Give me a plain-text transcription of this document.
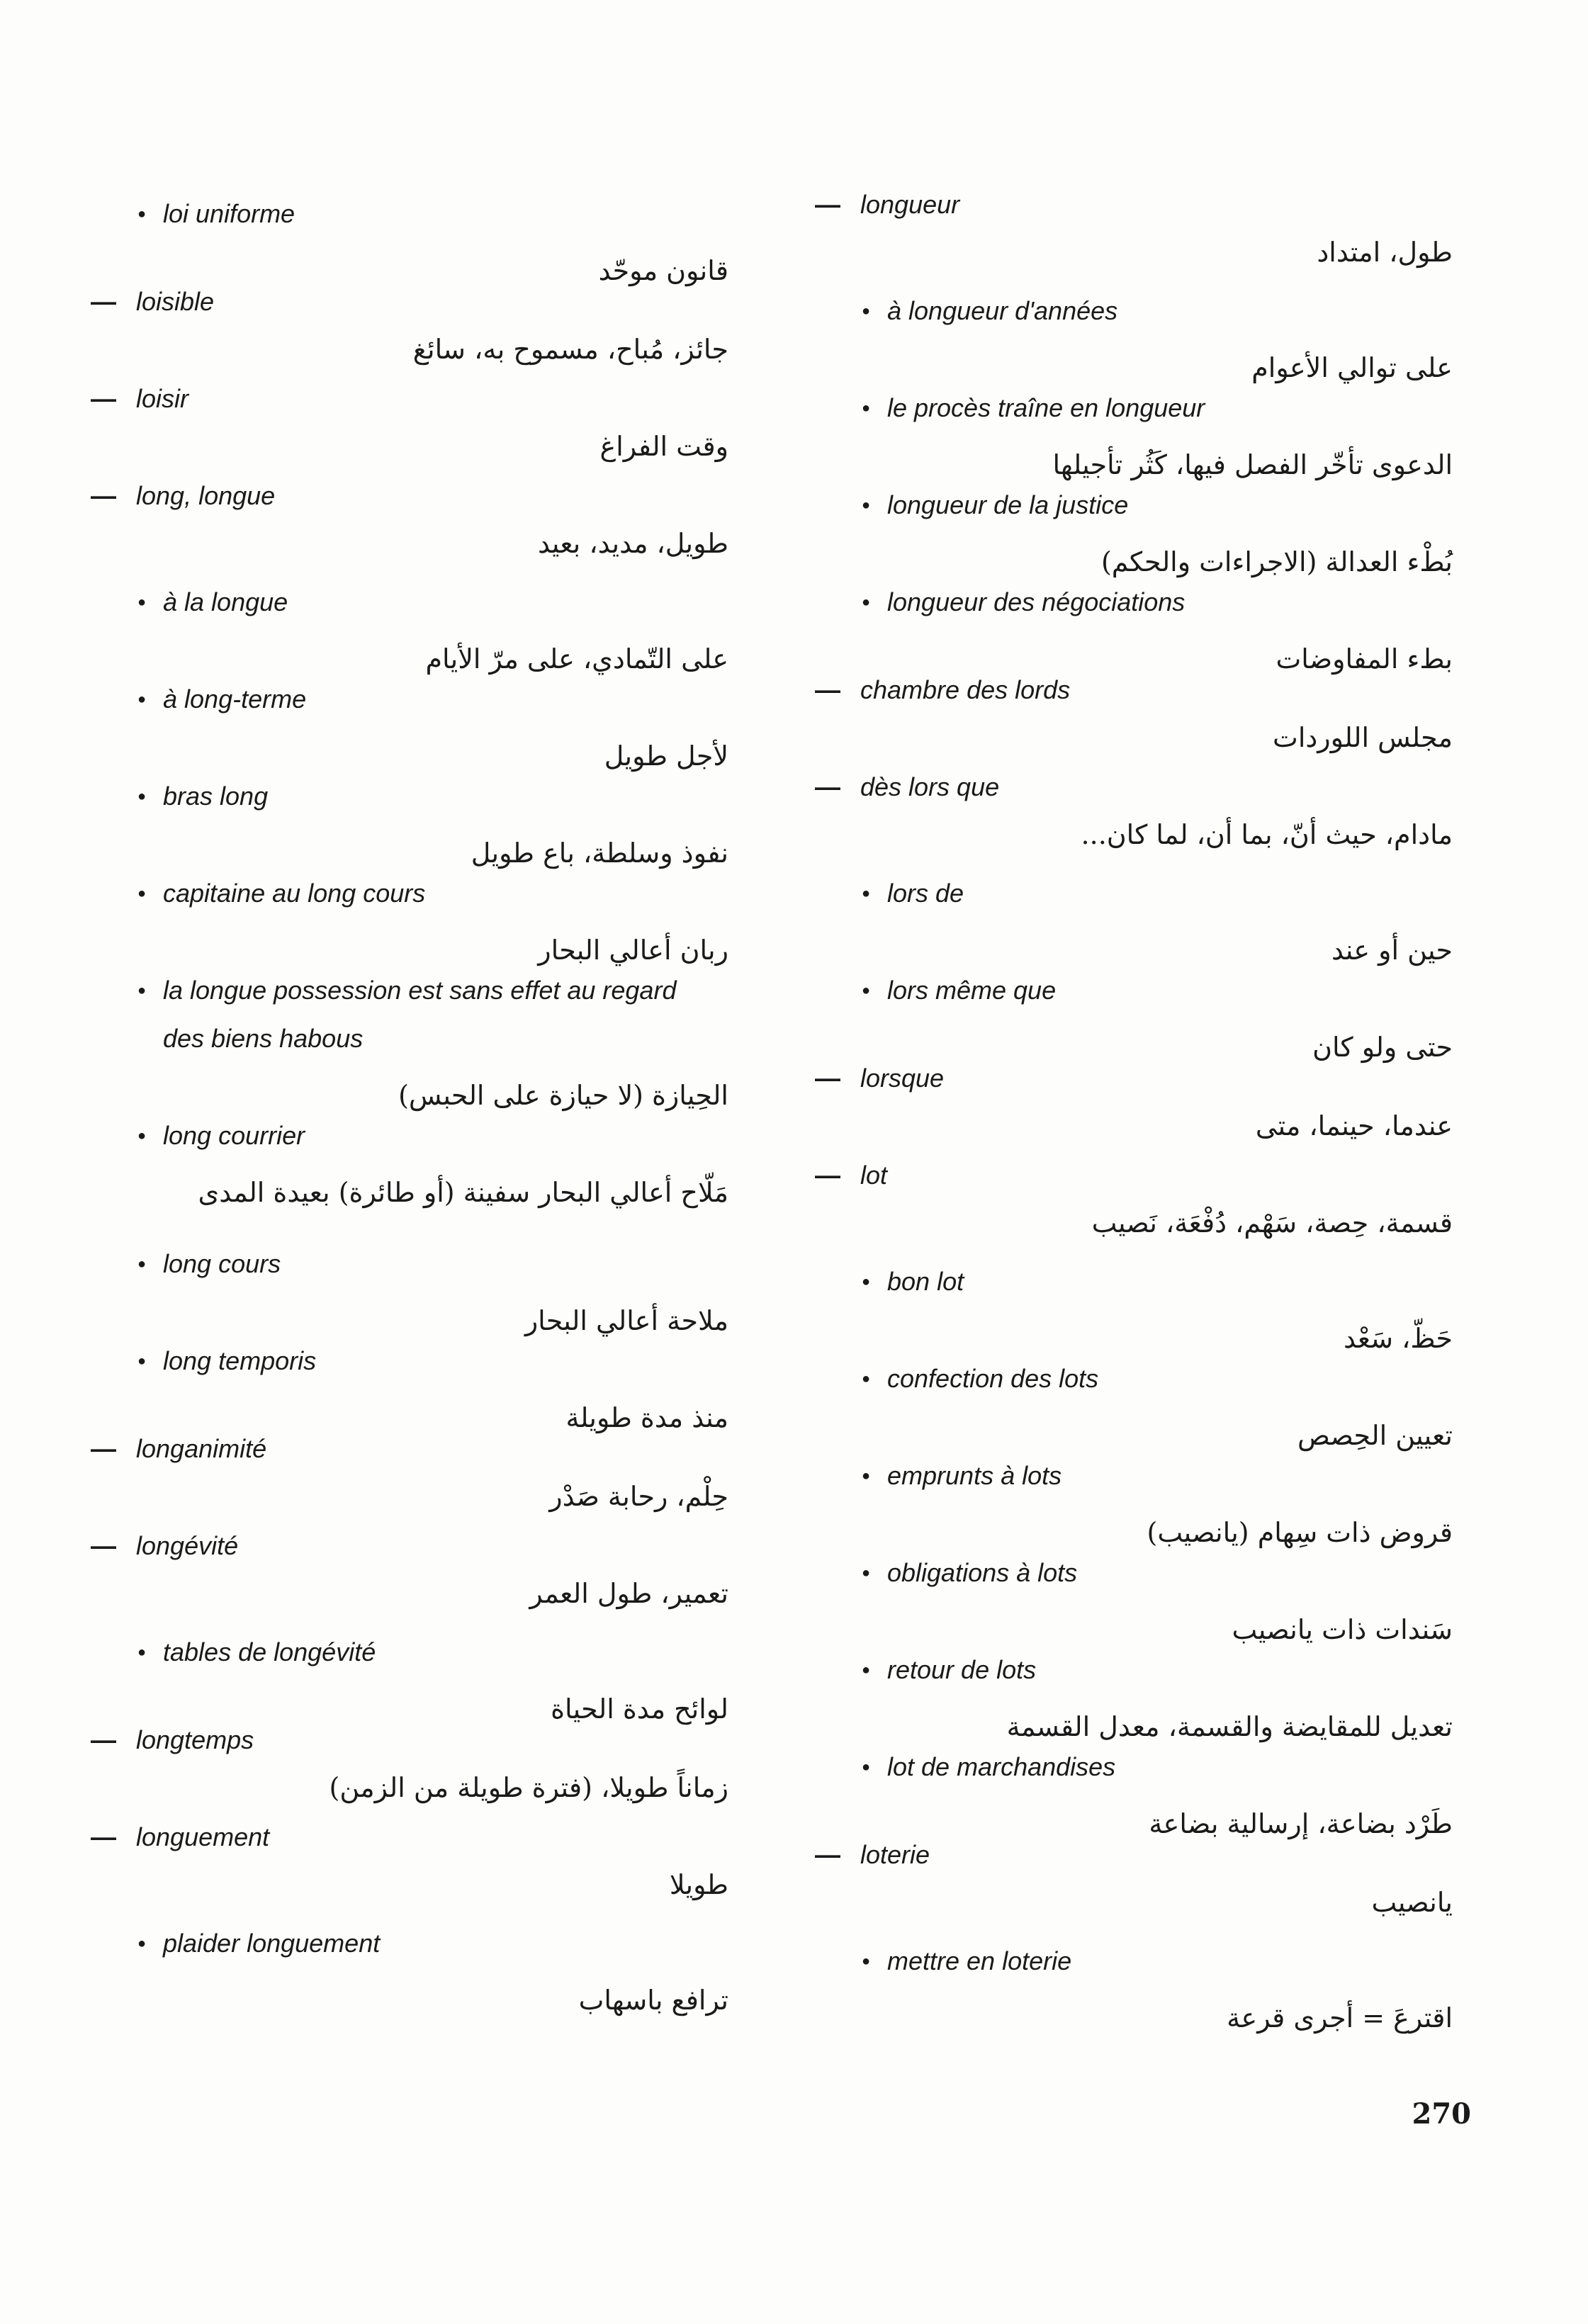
● loi uniforme
قانون موحّد
— loisible
جائز، مُباح، مسموح به، سائغ
— loisir
وقت الفراغ
— long, longue
طويل، مديد، بعيد
● à la longue
على التّمادي، على مرّ الأيام
● à long-terme
لأجل طويل
● bras long
نفوذ وسلطة، باع طويل
● capitaine au long cours
ربان أعالي البحار
● la longue possession est sans effet au regard des biens habous
الحِيازة (لا حيازة على الحبس)
● long courrier
مَلّاح أعالي البحار سفينة (أو طائرة) بعيدة المدى
● long cours
ملاحة أعالي البحار
● long temporis
منذ مدة طويلة
— longanimité
حِلْم، رحابة صَدْر
— longévité
تعمير، طول العمر
● tables de longévité
لوائح مدة الحياة
— longtemps
زماناً طويلا، (فترة طويلة من الزمن)
— longuement
طويلا
● plaider longuement
ترافع باسهاب
— longueur
طول، امتداد
● à longueur d'années
على توالي الأعوام
● le procès traîne en longueur
الدعوى تأخّر الفصل فيها، كَثُر تأجيلها
● longueur de la justice
بُطْء العدالة (الاجراءات والحكم)
● longueur des négociations
بطء المفاوضات
— chambre des lords
مجلس اللوردات
— dès lors que
مادام، حيث أنّ، بما أن، لما كان...
● lors de
حين أو عند
● lors même que
حتى ولو كان
— lorsque
عندما، حينما، متى
— lot
قسمة، حِصة، سَهْم، دُفْعَة، نَصيب
● bon lot
حَظّ، سَعْد
● confection des lots
تعيين الحِصص
● emprunts à lots
قروض ذات سِهام (يانصيب)
● obligations à lots
سَندات ذات يانصيب
● retour de lots
تعديل للمقايضة والقسمة، معدل القسمة
● lot de marchandises
طَرْد بضاعة، إرسالية بضاعة
— loterie
يانصيب
● mettre en loterie
اقترعَ = أجرى قرعة
270
